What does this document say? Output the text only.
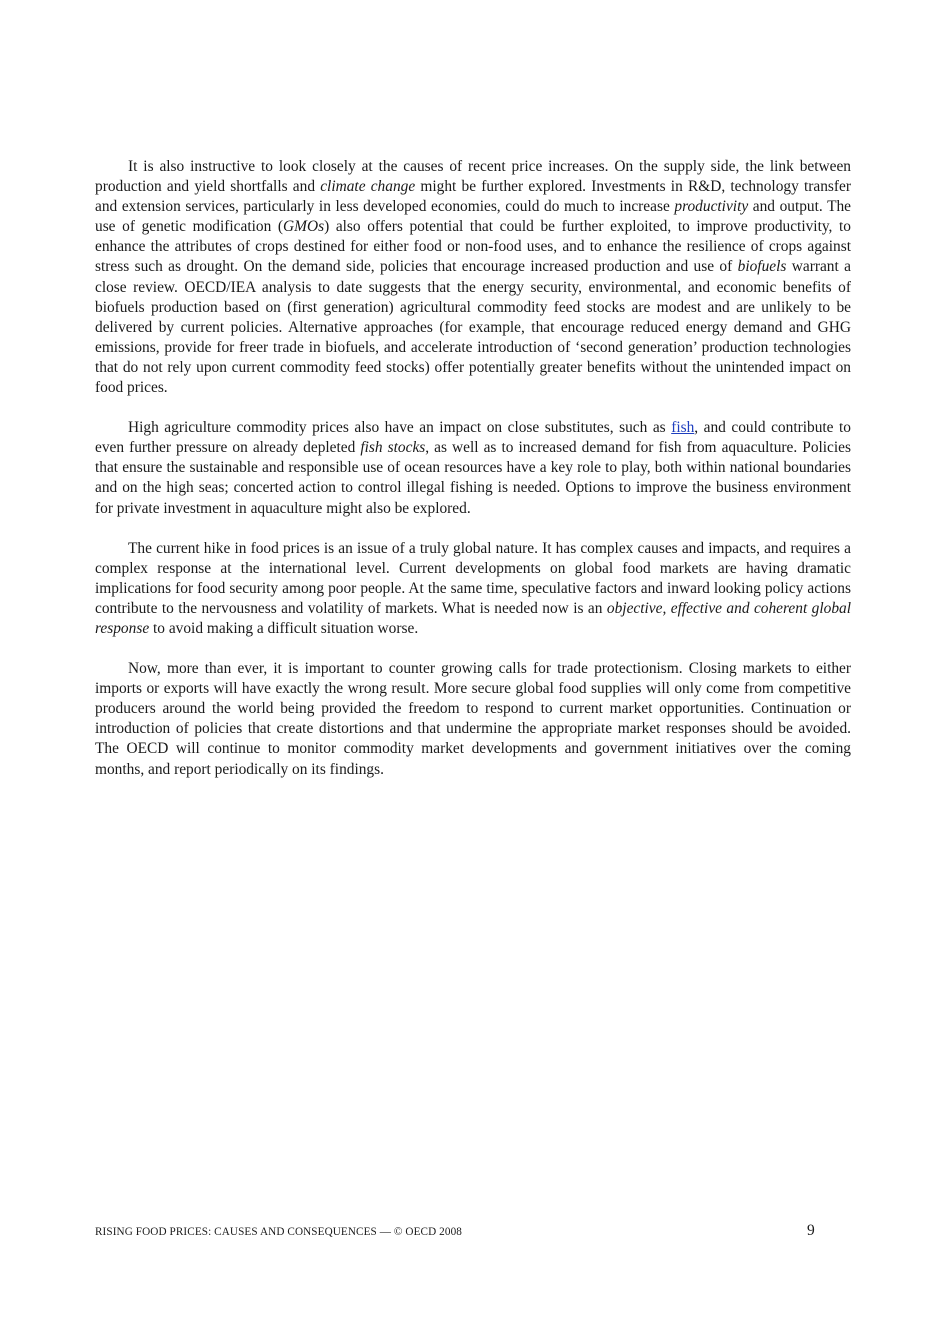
It is also instructive to look closely at the causes of recent price increases. On the supply side, the link between production and yield shortfalls and climate change might be further explored. Investments in R&D, technology transfer and extension services, particularly in less developed economies, could do much to increase productivity and output. The use of genetic modification (GMOs) also offers potential that could be further exploited, to improve productivity, to enhance the attributes of crops destined for either food or non-food uses, and to enhance the resilience of crops against stress such as drought. On the demand side, policies that encourage increased production and use of biofuels warrant a close review. OECD/IEA analysis to date suggests that the energy security, environmental, and economic benefits of biofuels production based on (first generation) agricultural commodity feed stocks are modest and are unlikely to be delivered by current policies. Alternative approaches (for example, that encourage reduced energy demand and GHG emissions, provide for freer trade in biofuels, and accelerate introduction of ‘second generation’ production technologies that do not rely upon current commodity feed stocks) offer potentially greater benefits without the unintended impact on food prices.

High agriculture commodity prices also have an impact on close substitutes, such as fish, and could contribute to even further pressure on already depleted fish stocks, as well as to increased demand for fish from aquaculture. Policies that ensure the sustainable and responsible use of ocean resources have a key role to play, both within national boundaries and on the high seas; concerted action to control illegal fishing is needed. Options to improve the business environment for private investment in aquaculture might also be explored.

The current hike in food prices is an issue of a truly global nature. It has complex causes and impacts, and requires a complex response at the international level. Current developments on global food markets are having dramatic implications for food security among poor people. At the same time, speculative factors and inward looking policy actions contribute to the nervousness and volatility of markets. What is needed now is an objective, effective and coherent global response to avoid making a difficult situation worse.

Now, more than ever, it is important to counter growing calls for trade protectionism. Closing markets to either imports or exports will have exactly the wrong result. More secure global food supplies will only come from competitive producers around the world being provided the freedom to respond to current market opportunities. Continuation or introduction of policies that create distortions and that undermine the appropriate market responses should be avoided. The OECD will continue to monitor commodity market developments and government initiatives over the coming months, and report periodically on its findings.

RISING FOOD PRICES: CAUSES AND CONSEQUENCES — © OECD 2008	9
